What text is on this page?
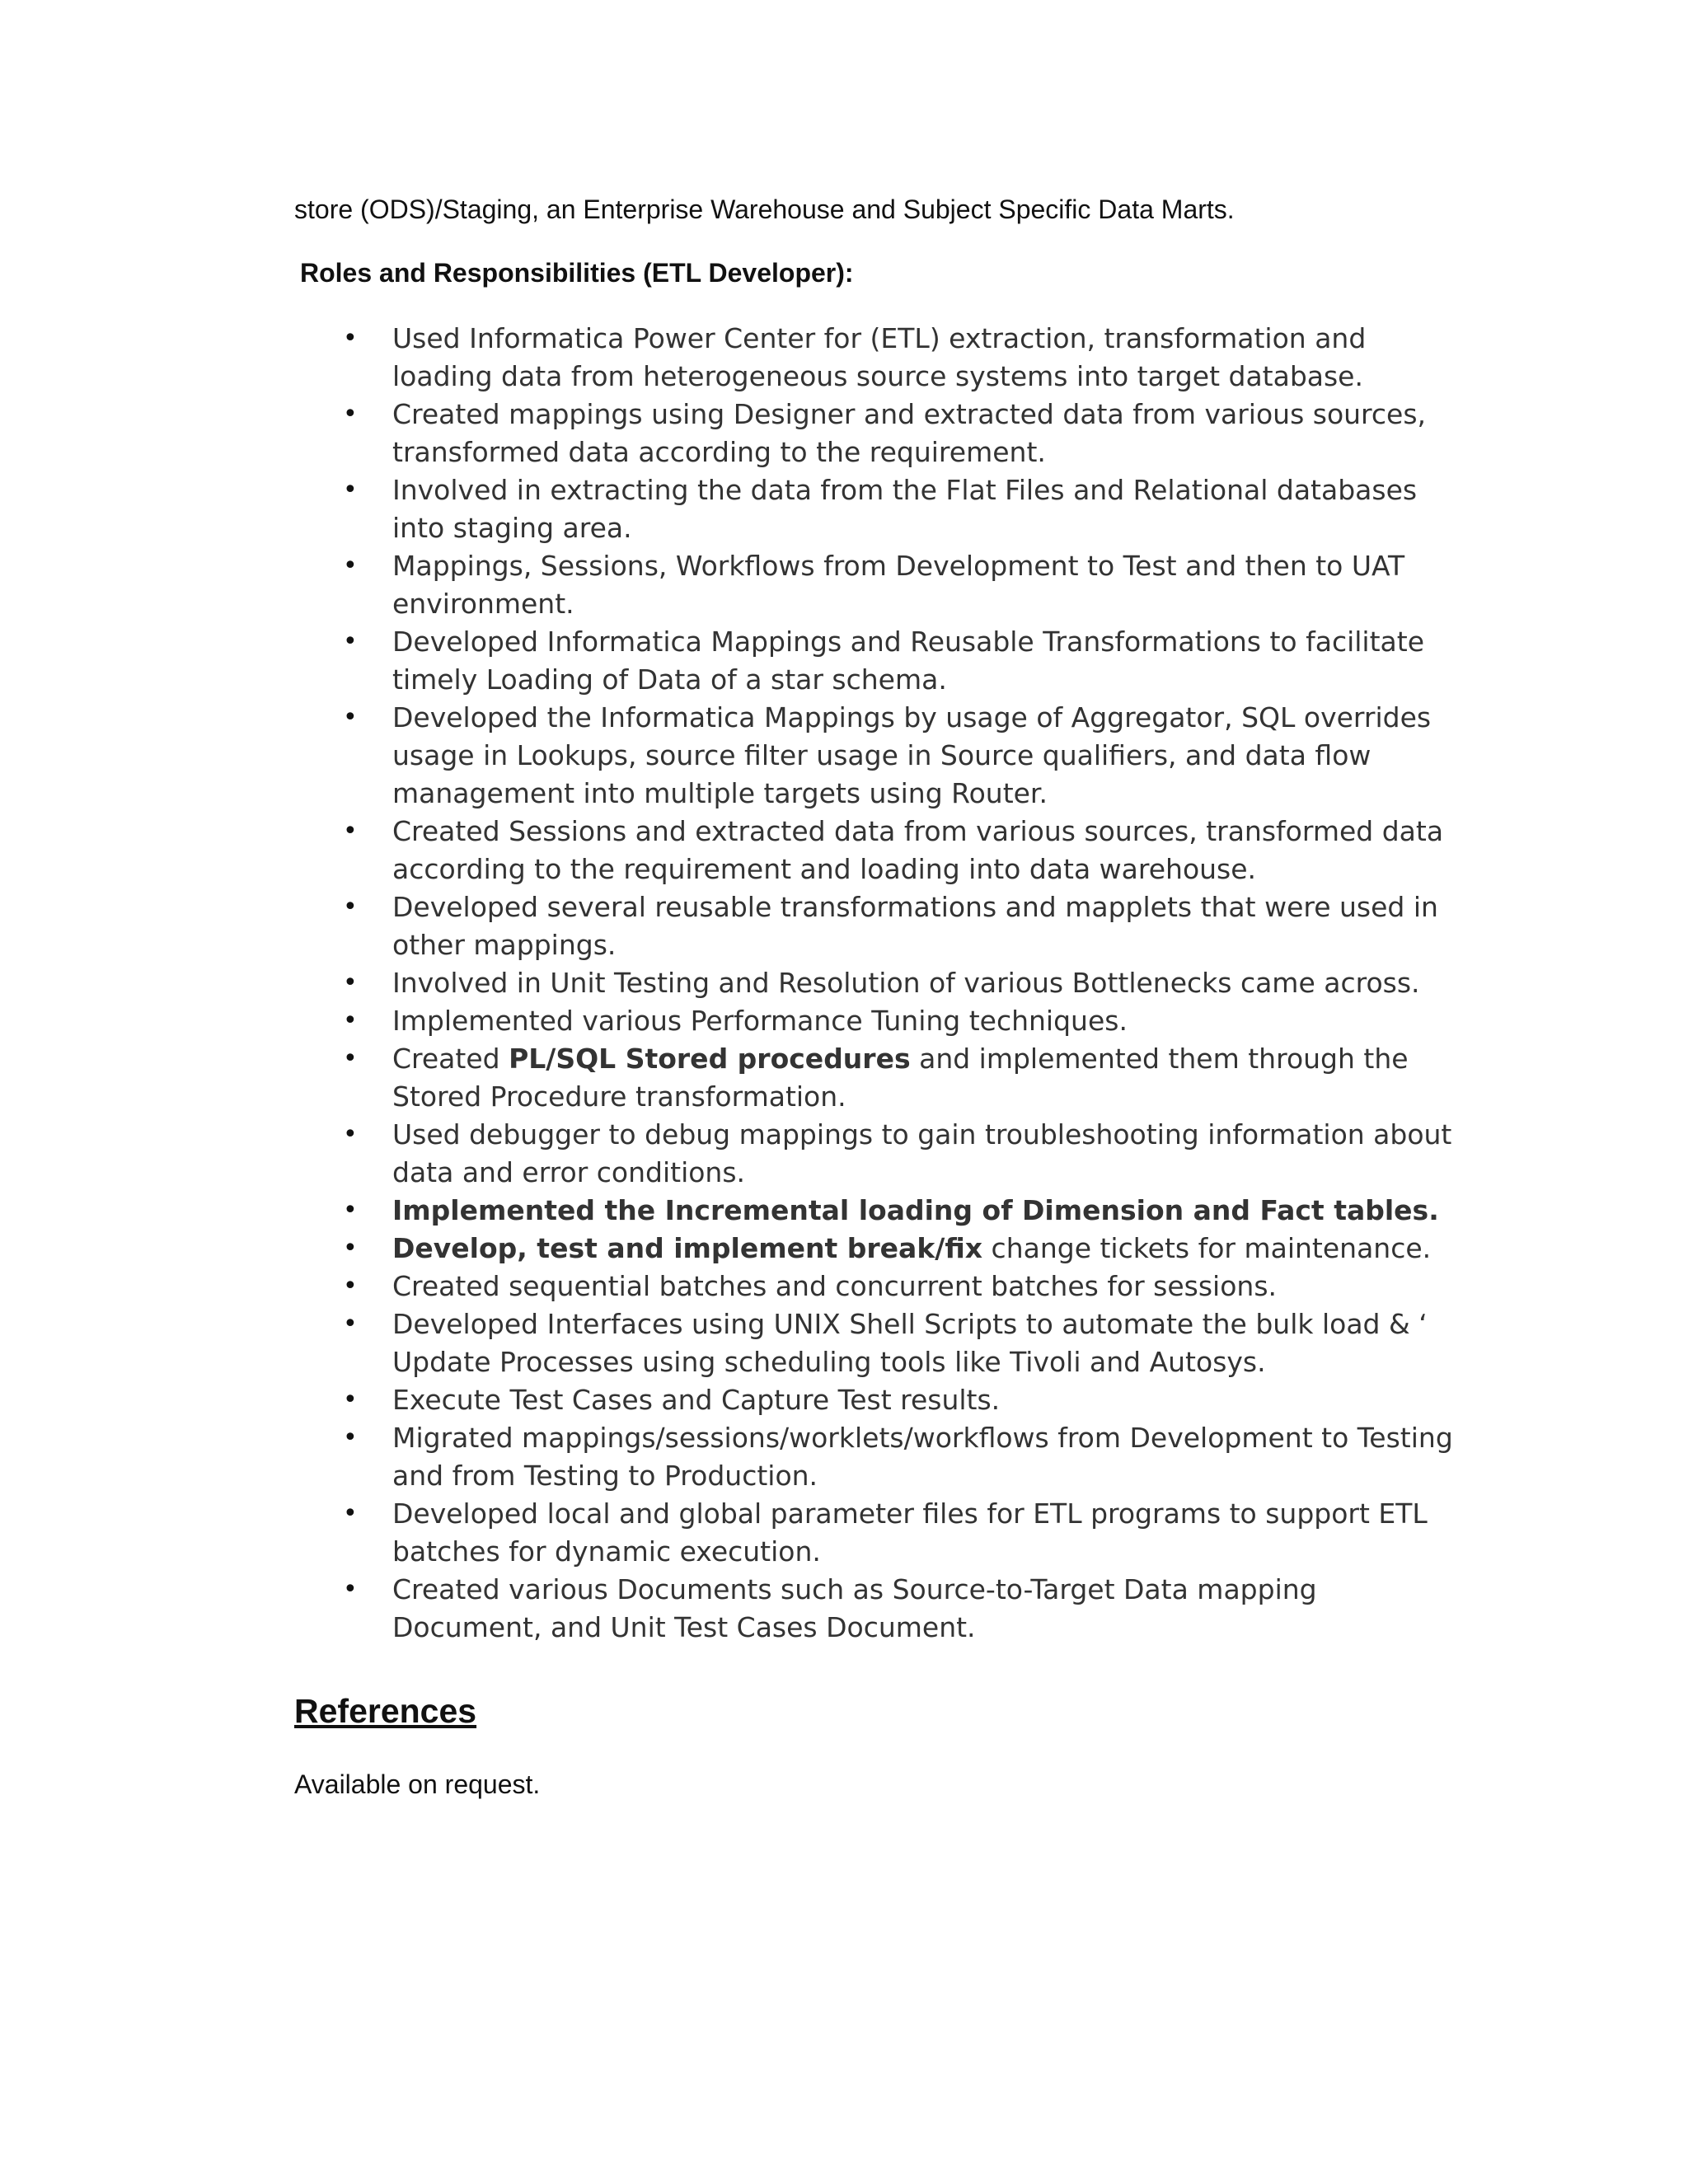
store (ODS)/Staging, an Enterprise Warehouse and Subject Specific Data Marts.

Roles and Responsibilities (ETL Developer):

•	Used Informatica Power Center for (ETL) extraction, transformation and
loading data from heterogeneous source systems into target database.
•	Created mappings using Designer and extracted data from various sources,
transformed data according to the requirement.
•	Involved in extracting the data from the Flat Files and Relational databases
into staging area.
•	Mappings, Sessions, Workflows from Development to Test and then to UAT
environment.
•	Developed Informatica Mappings and Reusable Transformations to facilitate
timely Loading of Data of a star schema.
•	Developed the Informatica Mappings by usage of Aggregator, SQL overrides
usage in Lookups, source filter usage in Source qualifiers, and data flow
management into multiple targets using Router.
•	Created Sessions and extracted data from various sources, transformed data
according to the requirement and loading into data warehouse.
•	Developed several reusable transformations and mapplets that were used in
other mappings.
•	Involved in Unit Testing and Resolution of various Bottlenecks came across.
•	Implemented various Performance Tuning techniques.
•	Created PL/SQL Stored procedures and implemented them through the
Stored Procedure transformation.
•	Used debugger to debug mappings to gain troubleshooting information about
data and error conditions.
•	Implemented the Incremental loading of Dimension and Fact tables.
•	Develop, test and implement break/fix change tickets for maintenance.
•	Created sequential batches and concurrent batches for sessions.
•	Developed Interfaces using UNIX Shell Scripts to automate the bulk load & ‘
Update Processes using scheduling tools like Tivoli and Autosys.
•	Execute Test Cases and Capture Test results.
•	Migrated mappings/sessions/worklets/workflows from Development to Testing
and from Testing to Production.
•	Developed local and global parameter files for ETL programs to support ETL
batches for dynamic execution.
•	Created various Documents such as Source-to-Target Data mapping
Document, and Unit Test Cases Document.

References

Available on request.
